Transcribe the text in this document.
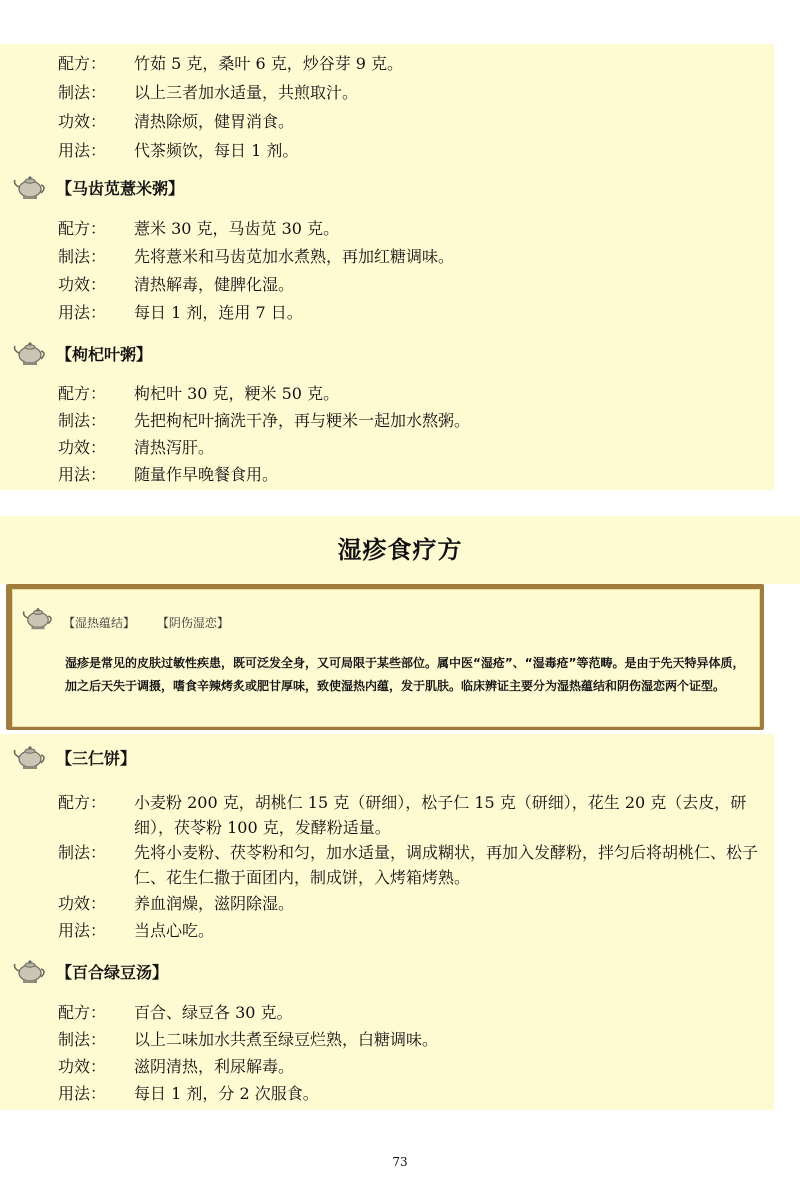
湿疹食疗方
配方： 竹茹 5 克，桑叶 6 克，炒谷芽 9 克。
制法： 以上三者加水适量，共煎取汁。
功效： 清热除烦，健胃消食。
用法： 代茶频饮，每日 1 剂。
【马齿苋薏米粥】
配方： 薏米 30 克，马齿苋 30 克。
制法： 先将薏米和马齿苋加水煮熟，再加红糖调味。
功效： 清热解毒，健脾化湿。
用法： 每日 1 剂，连用 7 日。
【枸杞叶粥】
配方： 枸杞叶 30 克，粳米 50 克。
制法： 先把枸杞叶摘洗干净，再与粳米一起加水熬粥。
功效： 清热泻肝。
用法： 随量作早晚餐食用。
【湿热蕴结】 【阴伤湿恋】
湿疹是常见的皮肤过敏性疾患，既可泛发全身，又可局限于某些部位。属中医“湿疮”、“湿毒疮”等范畴。是由于先天特异体质，加之后天失于调摄，嗜食辛辣烤炙或肥甘厚味，致使湿热内蕴，发于肌肤。临床辨证主要分为湿热蕴结和阴伤湿恋两个证型。
【三仁饼】
配方： 小麦粉 200 克，胡桃仁 15 克（研细），松子仁 15 克（研细），花生 20 克（去皮，研细），茯苓粉 100 克，发酵粉适量。
制法： 先将小麦粉、茯苓粉和匀，加水适量，调成糊状，再加入发酵粉，拌匀后将胡桃仁、松子仁、花生仁撒于面团内，制成饼，入烤箱烤熟。
功效： 养血润燥，滋阴除湿。
用法： 当点心吃。
【百合绿豆汤】
配方： 百合、绿豆各 30 克。
制法： 以上二味加水共煮至绿豆烂熟，白糖调味。
功效： 滋阴清热，利尿解毒。
用法： 每日 1 剂，分 2 次服食。
73
